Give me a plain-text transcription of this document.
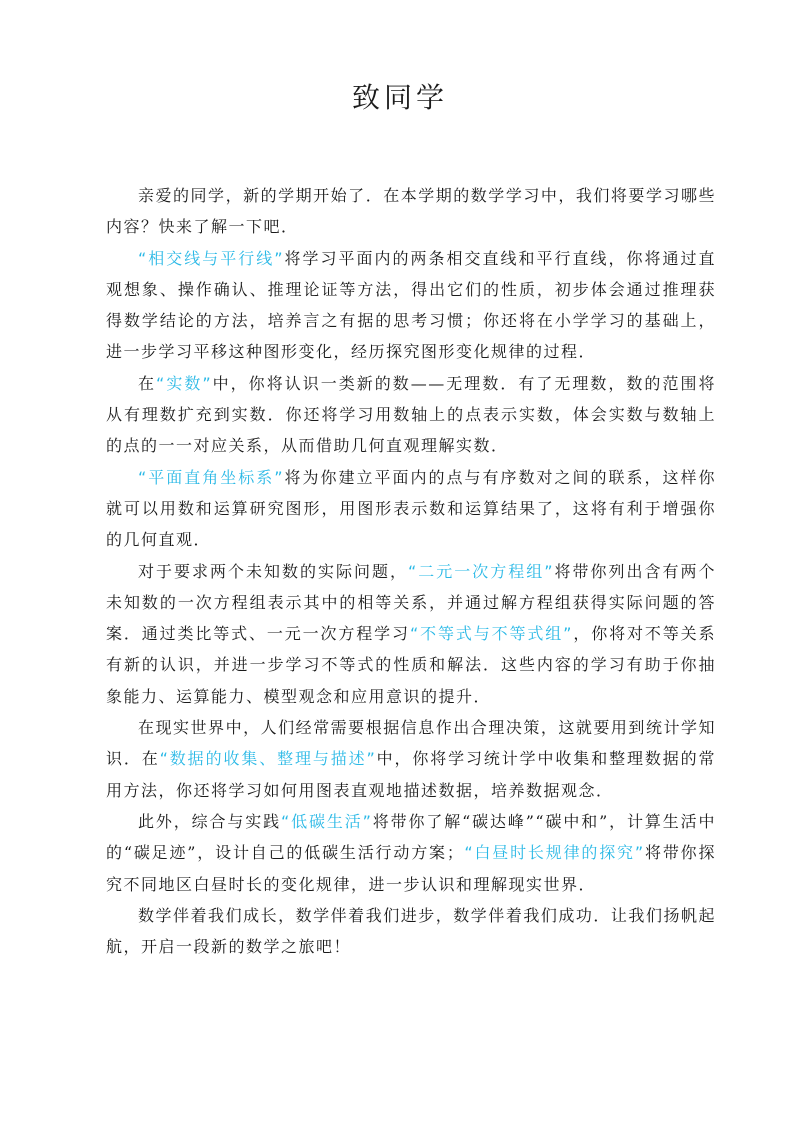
致同学

亲爱的同学，新的学期开始了．在本学期的数学学习中，我们将要学习哪些内容？快来了解一下吧．

“相交线与平行线”将学习平面内的两条相交直线和平行直线，你将通过直观想象、操作确认、推理论证等方法，得出它们的性质，初步体会通过推理获得数学结论的方法，培养言之有据的思考习惯；你还将在小学学习的基础上，进一步学习平移这种图形变化，经历探究图形变化规律的过程．

在“实数”中，你将认识一类新的数——无理数．有了无理数，数的范围将从有理数扩充到实数．你还将学习用数轴上的点表示实数，体会实数与数轴上的点的一一对应关系，从而借助几何直观理解实数．

“平面直角坐标系”将为你建立平面内的点与有序数对之间的联系，这样你就可以用数和运算研究图形，用图形表示数和运算结果了，这将有利于增强你的几何直观．

对于要求两个未知数的实际问题，“二元一次方程组”将带你列出含有两个未知数的一次方程组表示其中的相等关系，并通过解方程组获得实际问题的答案．通过类比等式、一元一次方程学习“不等式与不等式组”，你将对不等关系有新的认识，并进一步学习不等式的性质和解法．这些内容的学习有助于你抽象能力、运算能力、模型观念和应用意识的提升．

在现实世界中，人们经常需要根据信息作出合理决策，这就要用到统计学知识．在“数据的收集、整理与描述”中，你将学习统计学中收集和整理数据的常用方法，你还将学习如何用图表直观地描述数据，培养数据观念．

此外，综合与实践“低碳生活”将带你了解“碳达峰”“碳中和”，计算生活中的“碳足迹”，设计自己的低碳生活行动方案；“白昼时长规律的探究”将带你探究不同地区白昼时长的变化规律，进一步认识和理解现实世界．

数学伴着我们成长，数学伴着我们进步，数学伴着我们成功．让我们扬帆起航，开启一段新的数学之旅吧！
